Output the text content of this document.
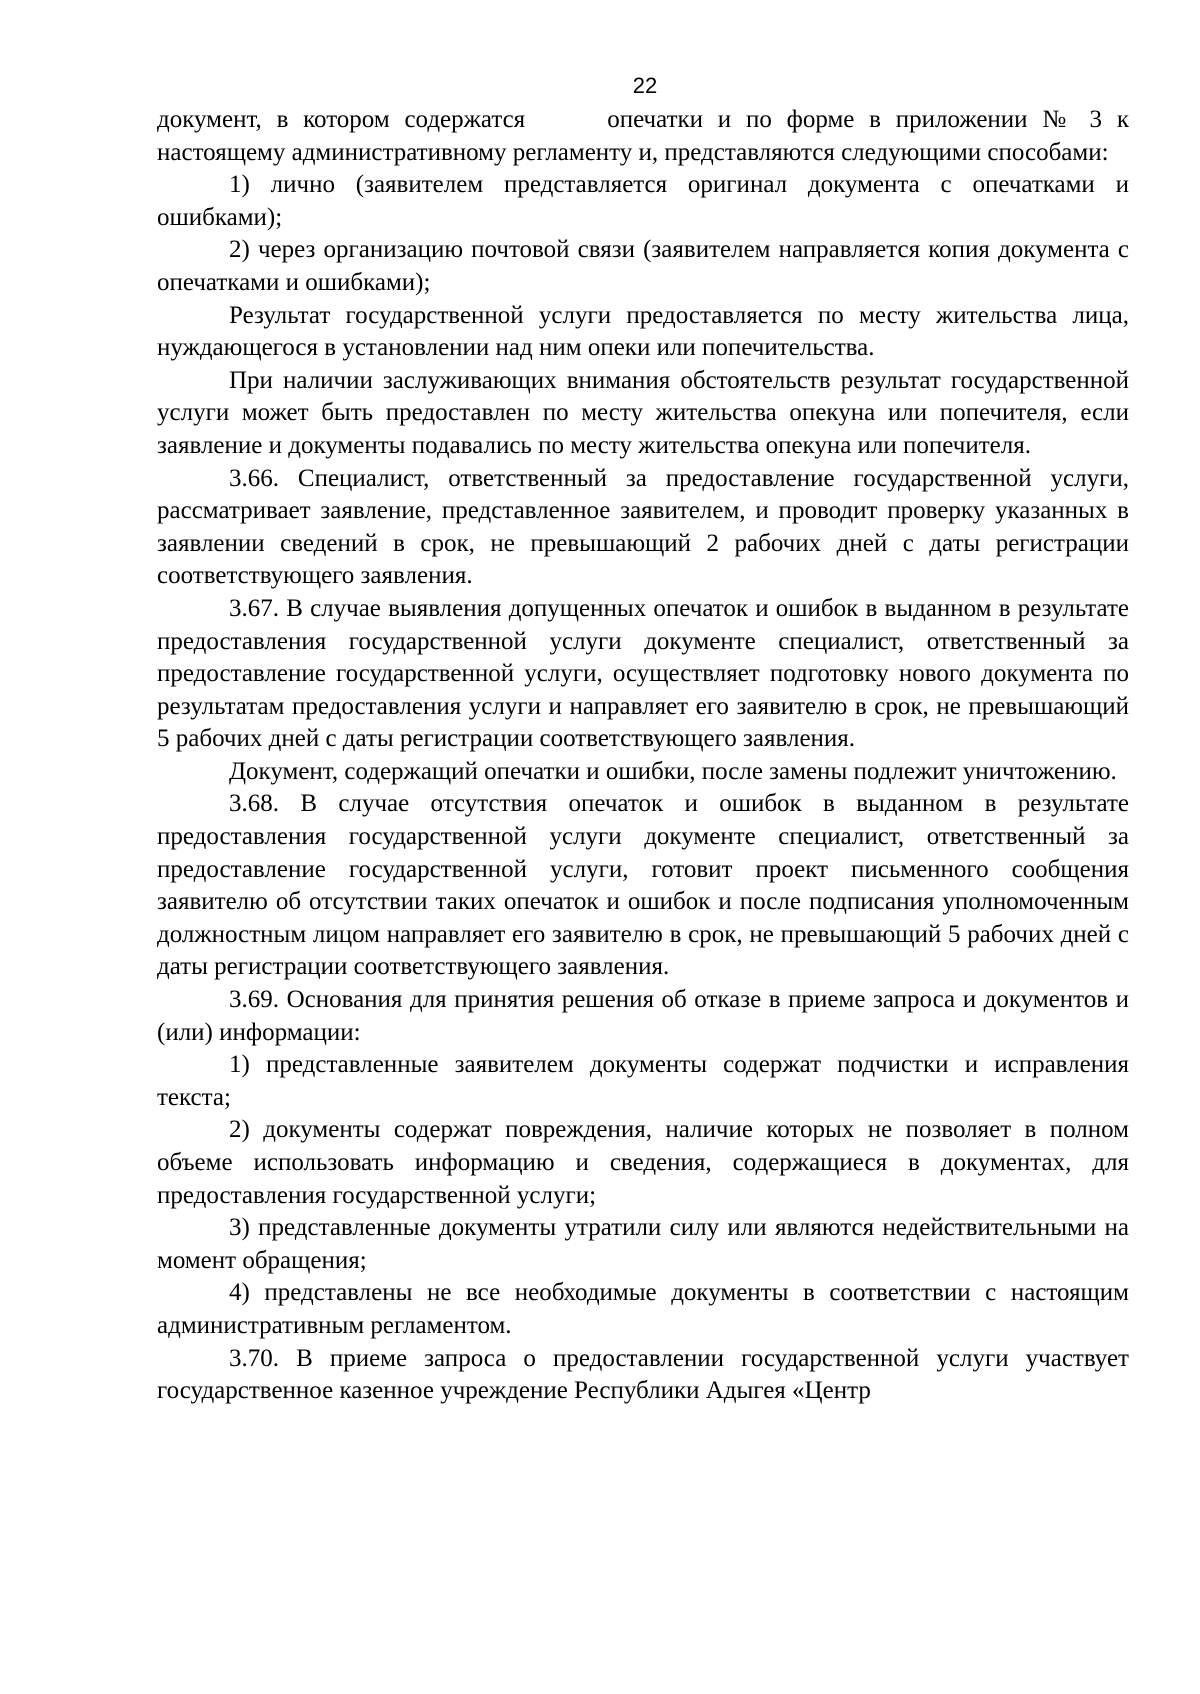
22

документ, в котором содержатся	опечатки и по форме в приложении № 3 к настоящему административному регламенту и, представляются следующими способами:

1) лично (заявителем представляется оригинал документа с опечатками и ошибками);

2) через организацию почтовой связи (заявителем направляется копия документа с опечатками и ошибками);

Результат государственной услуги предоставляется по месту жительства лица, нуждающегося в установлении над ним опеки или попечительства.

При наличии заслуживающих внимания обстоятельств результат государственной услуги может быть предоставлен по месту жительства опекуна или попечителя, если заявление и документы подавались по месту жительства опекуна или попечителя.

3.66. Специалист, ответственный за предоставление государственной услуги, рассматривает заявление, представленное заявителем, и проводит проверку указанных в заявлении сведений в срок, не превышающий 2 рабочих дней с даты регистрации соответствующего заявления.

3.67. В случае выявления допущенных опечаток и ошибок в выданном в результате предоставления государственной услуги документе специалист, ответственный за предоставление государственной услуги, осуществляет подготовку нового документа по результатам предоставления услуги и направляет его заявителю в срок, не превышающий 5 рабочих дней с даты регистрации соответствующего заявления.

Документ, содержащий опечатки и ошибки, после замены подлежит уничтожению.

3.68. В случае отсутствия опечаток и ошибок в выданном в результате предоставления государственной услуги документе специалист, ответственный за предоставление государственной услуги, готовит проект письменного сообщения заявителю об отсутствии таких опечаток и ошибок и после подписания уполномоченным должностным лицом направляет его заявителю в срок, не превышающий 5 рабочих дней с даты регистрации соответствующего заявления.

3.69. Основания для принятия решения об отказе в приеме запроса и документов и (или) информации:

1) представленные заявителем документы содержат подчистки и исправления текста;

2) документы содержат повреждения, наличие которых не позволяет в полном объеме использовать информацию и сведения, содержащиеся в документах, для предоставления государственной услуги;

3) представленные документы утратили силу или являются недействительными на момент обращения;

4) представлены не все необходимые документы в соответствии с настоящим административным регламентом.

3.70. В приеме запроса о предоставлении государственной услуги участвует государственное казенное учреждение Республики Адыгея «Центр
